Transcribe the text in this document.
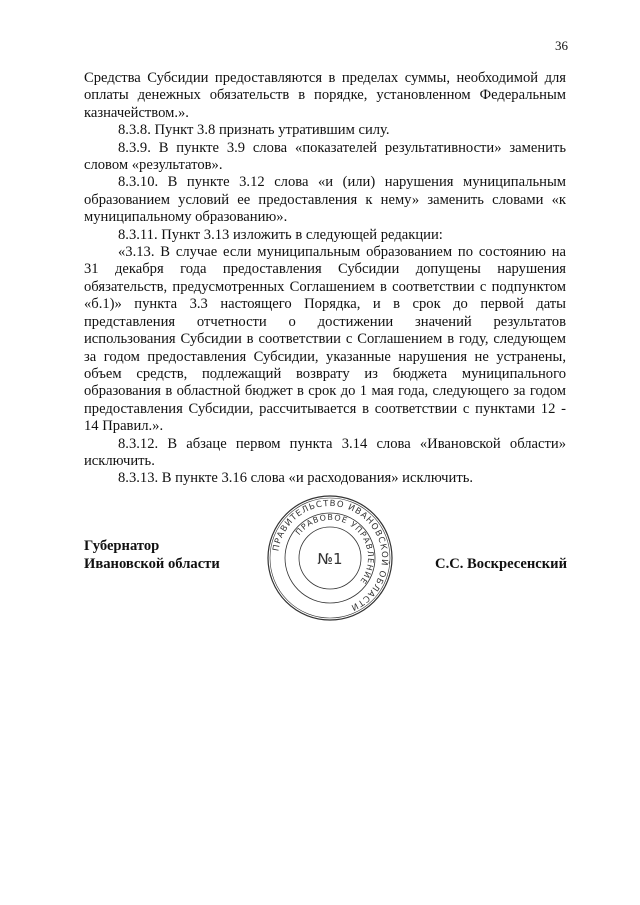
36

Средства Субсидии предоставляются в пределах суммы, необходимой для оплаты денежных обязательств в порядке, установленном Федеральным казначейством.».

8.3.8. Пункт 3.8 признать утратившим силу.

8.3.9. В пункте 3.9 слова «показателей результативности» заменить словом «результатов».

8.3.10. В пункте 3.12 слова «и (или) нарушения муниципальным образованием условий ее предоставления к нему» заменить словами «к муниципальному образованию».

8.3.11. Пункт 3.13 изложить в следующей редакции:

«3.13. В случае если муниципальным образованием по состоянию на 31 декабря года предоставления Субсидии допущены нарушения обязательств, предусмотренных Соглашением в соответствии с подпунктом «б.1)» пункта 3.3 настоящего Порядка, и в срок до первой даты представления отчетности о достижении значений результатов использования Субсидии в соответствии с Соглашением в году, следующем за годом предоставления Субсидии, указанные нарушения не устранены, объем средств, подлежащий возврату из бюджета муниципального образования в областной бюджет в срок до 1 мая года, следующего за годом предоставления Субсидии, рассчитывается в соответствии с пунктами 12 - 14 Правил.».

8.3.12. В абзаце первом пункта 3.14 слова «Ивановской области» исключить.

8.3.13. В пункте 3.16 слова «и расходования» исключить.

Губернатор
Ивановской области	С.С. Воскресенский
ПРАВИТЕЛЬСТВО ИВАНОВСКОЙ ОБЛАСТИ
ПРАВОВОЕ УПРАВЛЕНИЕ
№1
